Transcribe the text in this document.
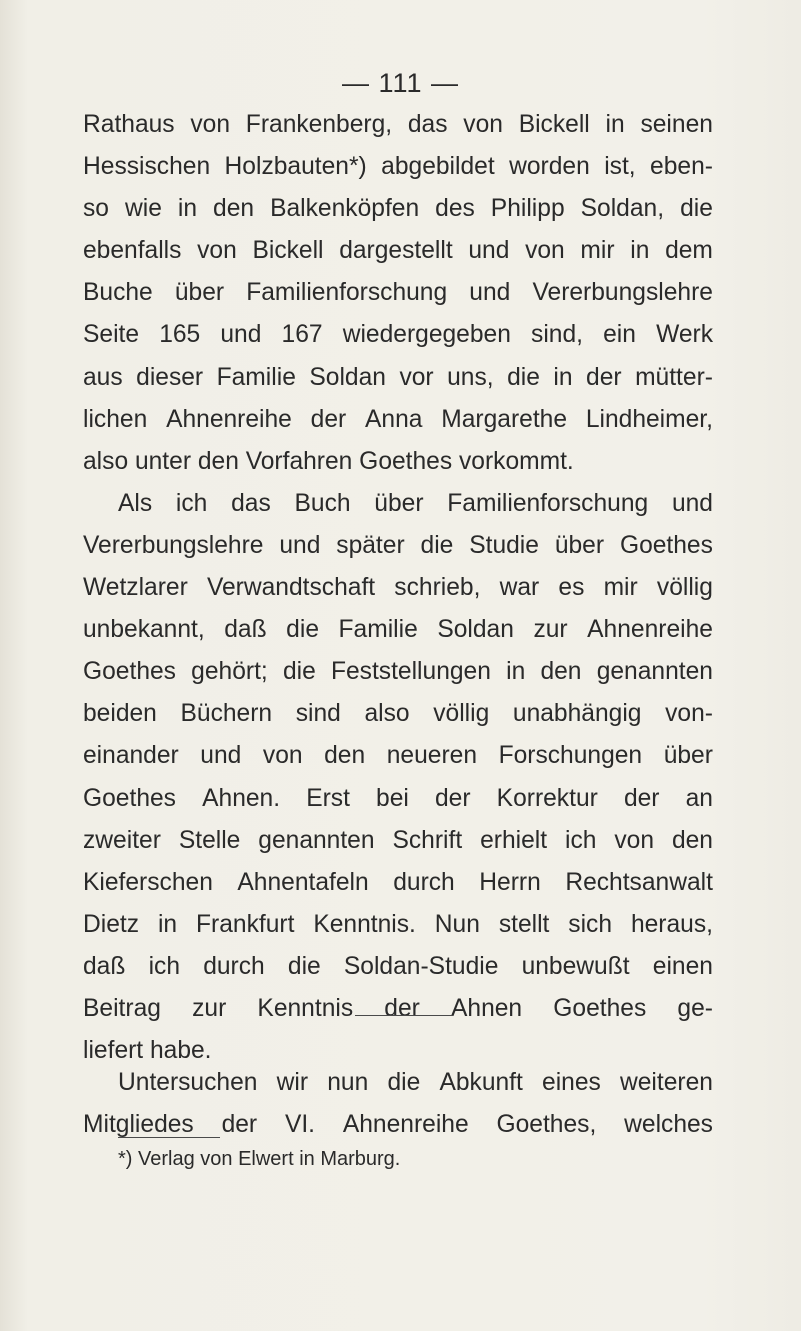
— 111 —
Rathaus von Frankenberg, das von Bickell in seinen
Hessischen Holzbauten*) abgebildet worden ist, eben-
so wie in den Balkenköpfen des Philipp Soldan, die
ebenfalls von Bickell dargestellt und von mir in dem
Buche über Familienforschung und Vererbungslehre
Seite 165 und 167 wiedergegeben sind, ein Werk
aus dieser Familie Soldan vor uns, die in der mütter-
lichen Ahnenreihe der Anna Margarethe Lindheimer,
also unter den Vorfahren Goethes vorkommt.
Als ich das Buch über Familienforschung und
Vererbungslehre und später die Studie über Goethes
Wetzlarer Verwandtschaft schrieb, war es mir völlig
unbekannt, daß die Familie Soldan zur Ahnenreihe
Goethes gehört; die Feststellungen in den genannten
beiden Büchern sind also völlig unabhängig von-
einander und von den neueren Forschungen über
Goethes Ahnen. Erst bei der Korrektur der an
zweiter Stelle genannten Schrift erhielt ich von den
Kieferschen Ahnentafeln durch Herrn Rechtsanwalt
Dietz in Frankfurt Kenntnis. Nun stellt sich heraus,
daß ich durch die Soldan-Studie unbewußt einen
Beitrag zur Kenntnis der Ahnen Goethes ge-
liefert habe.
Untersuchen wir nun die Abkunft eines weiteren
Mitgliedes der VI. Ahnenreihe Goethes, welches
*) Verlag von Elwert in Marburg.
